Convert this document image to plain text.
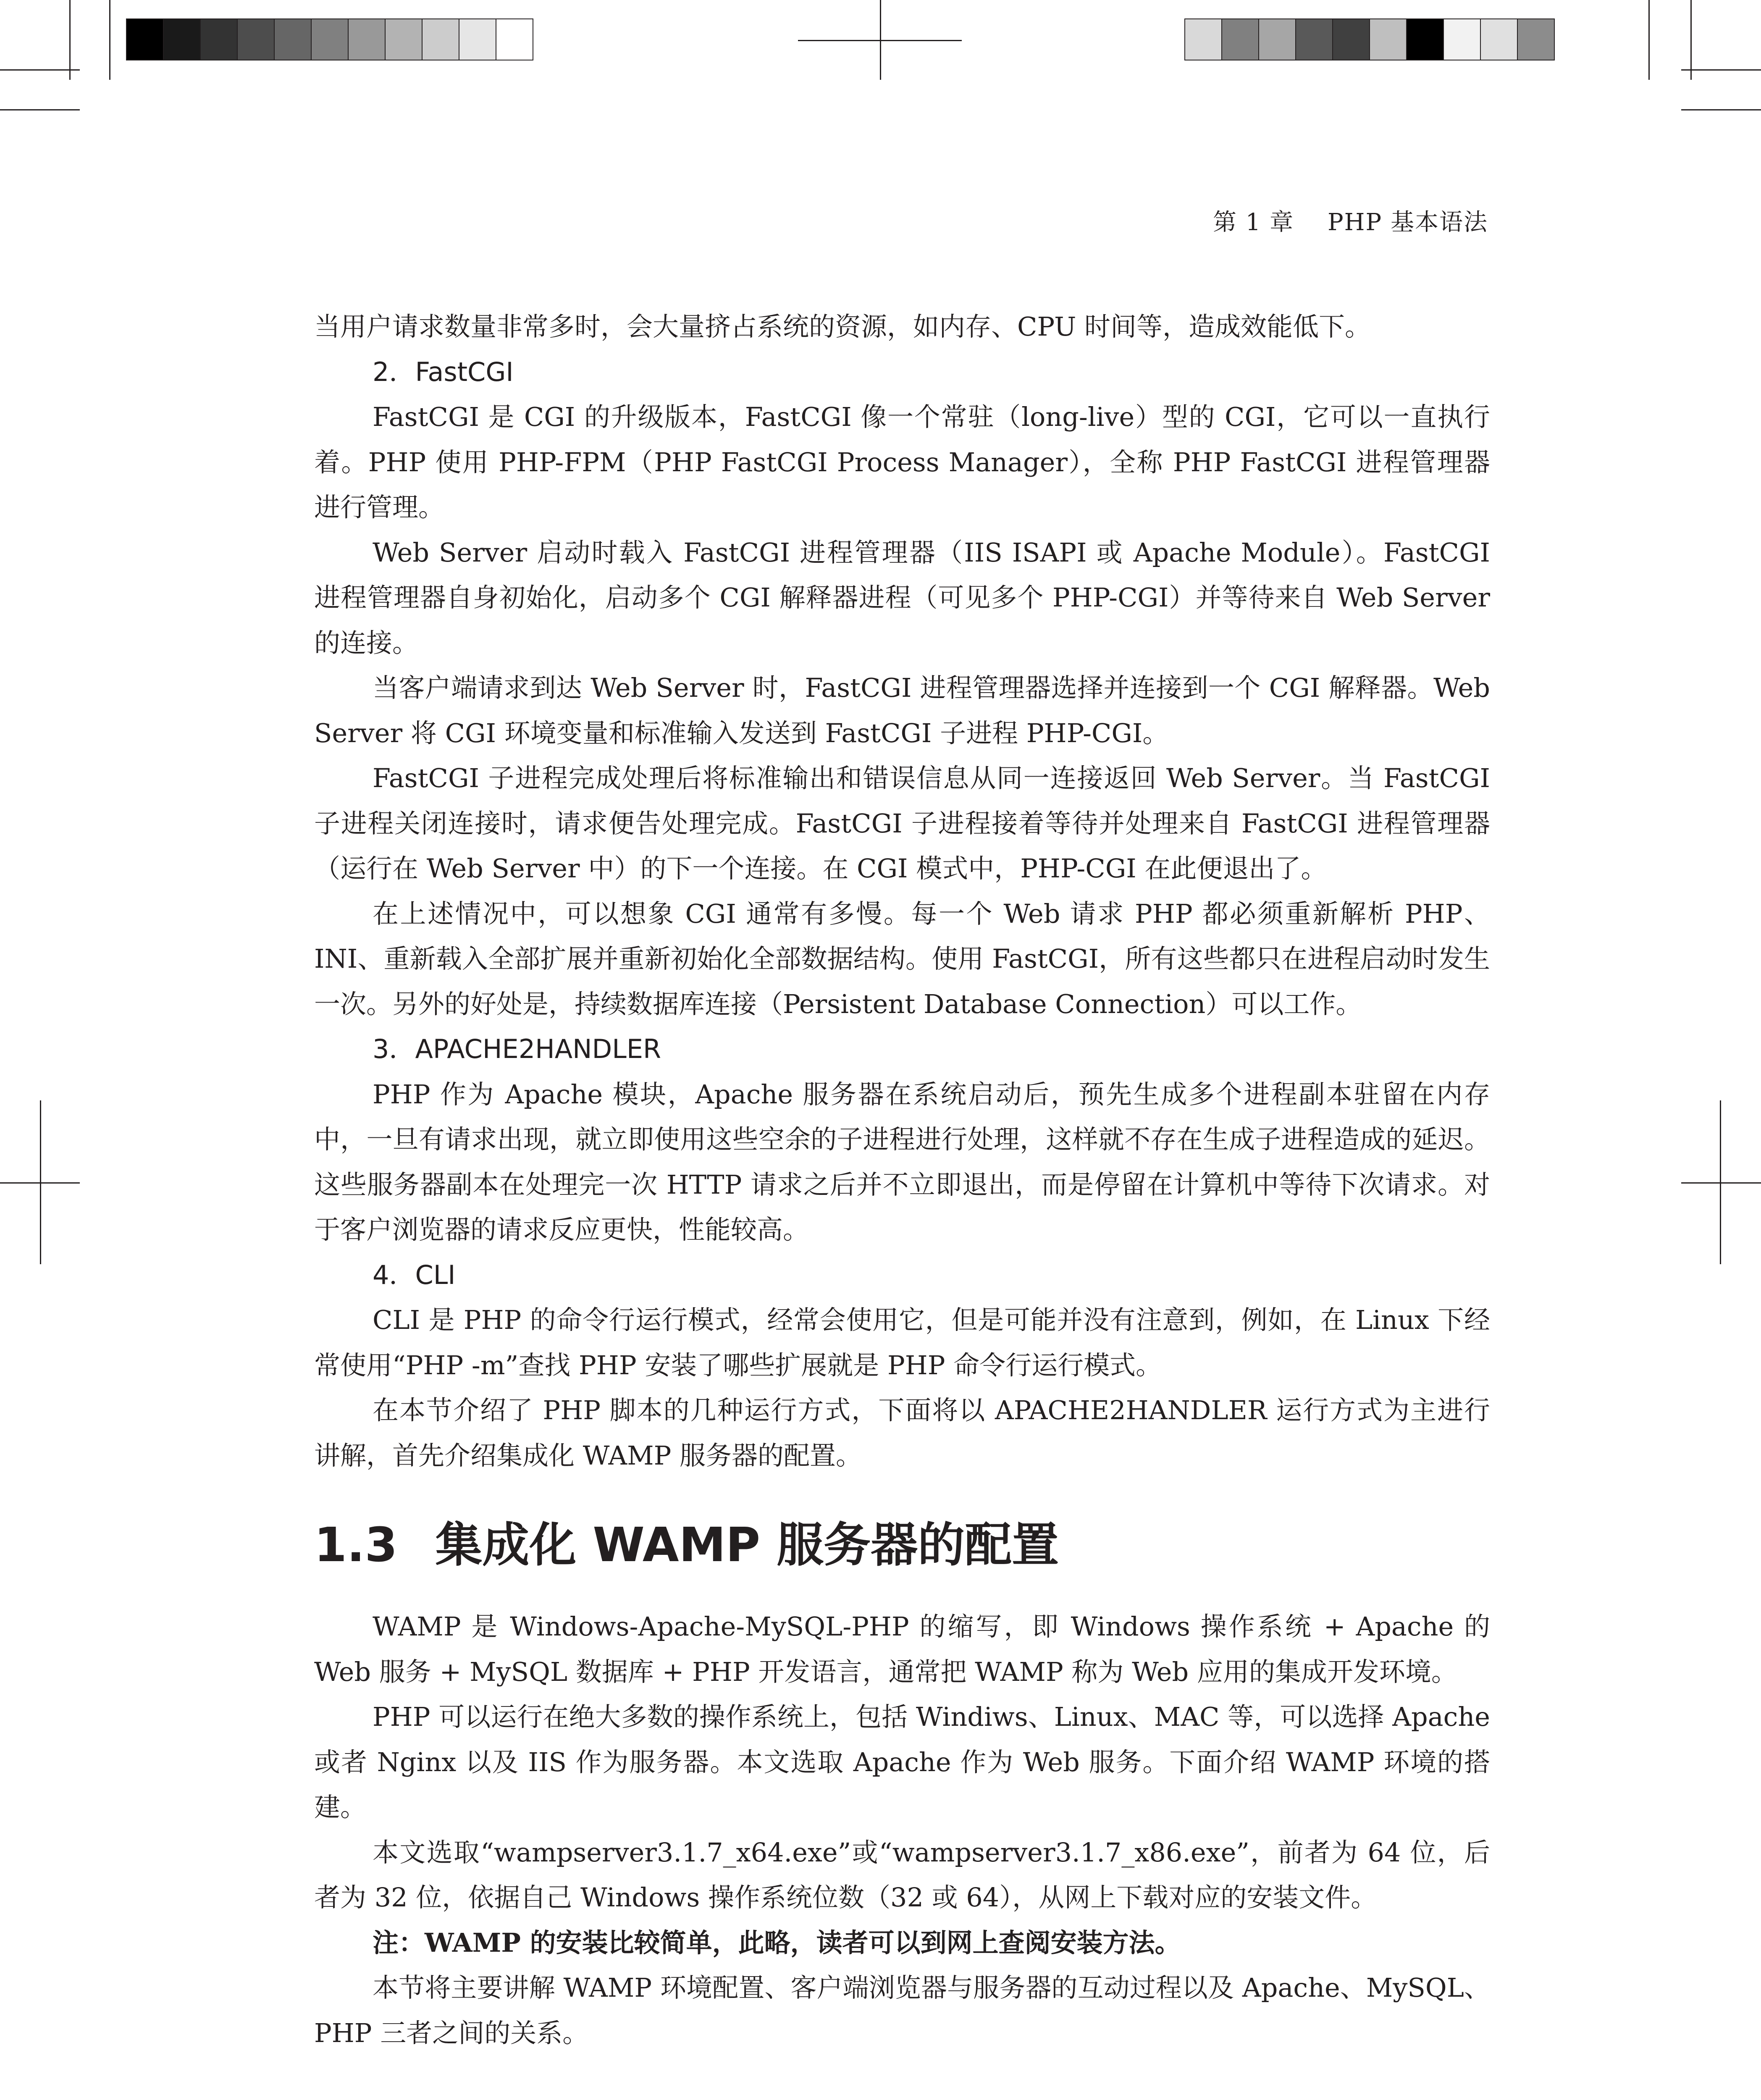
第 1 章 PHP 基本语法

当用户请求数量非常多时，会大量挤占系统的资源，如内存、CPU 时间等，造成效能低下。

2．FastCGI

FastCGI 是 CGI 的升级版本，FastCGI 像一个常驻（long-live）型的 CGI，它可以一直执行着。PHP 使用 PHP-FPM（PHP FastCGI Process Manager），全称 PHP FastCGI 进程管理器进行管理。

Web Server 启动时载入 FastCGI 进程管理器（IIS ISAPI 或 Apache Module）。FastCGI 进程管理器自身初始化，启动多个 CGI 解释器进程（可见多个 PHP-CGI）并等待来自 Web Server 的连接。

当客户端请求到达 Web Server 时，FastCGI 进程管理器选择并连接到一个 CGI 解释器。Web Server 将 CGI 环境变量和标准输入发送到 FastCGI 子进程 PHP-CGI。

FastCGI 子进程完成处理后将标准输出和错误信息从同一连接返回 Web Server。当 FastCGI 子进程关闭连接时，请求便告处理完成。FastCGI 子进程接着等待并处理来自 FastCGI 进程管理器（运行在 Web Server 中）的下一个连接。在 CGI 模式中，PHP-CGI 在此便退出了。

在上述情况中，可以想象 CGI 通常有多慢。每一个 Web 请求 PHP 都必须重新解析 PHP、INI、重新载入全部扩展并重新初始化全部数据结构。使用 FastCGI，所有这些都只在进程启动时发生一次。另外的好处是，持续数据库连接（Persistent Database Connection）可以工作。

3．APACHE2HANDLER

PHP 作为 Apache 模块，Apache 服务器在系统启动后，预先生成多个进程副本驻留在内存中，一旦有请求出现，就立即使用这些空余的子进程进行处理，这样就不存在生成子进程造成的延迟。这些服务器副本在处理完一次 HTTP 请求之后并不立即退出，而是停留在计算机中等待下次请求。对于客户浏览器的请求反应更快，性能较高。

4．CLI

CLI 是 PHP 的命令行运行模式，经常会使用它，但是可能并没有注意到，例如，在 Linux 下经常使用“PHP -m”查找 PHP 安装了哪些扩展就是 PHP 命令行运行模式。

在本节介绍了 PHP 脚本的几种运行方式，下面将以 APACHE2HANDLER 运行方式为主进行讲解，首先介绍集成化 WAMP 服务器的配置。

1.3 集成化 WAMP 服务器的配置

WAMP 是 Windows-Apache-MySQL-PHP 的缩写，即 Windows 操作系统 + Apache 的 Web 服务 + MySQL 数据库 + PHP 开发语言，通常把 WAMP 称为 Web 应用的集成开发环境。

PHP 可以运行在绝大多数的操作系统上，包括 Windiws、Linux、MAC 等，可以选择 Apache 或者 Nginx 以及 IIS 作为服务器。本文选取 Apache 作为 Web 服务。下面介绍 WAMP 环境的搭建。

本文选取“wampserver3.1.7_x64.exe”或“wampserver3.1.7_x86.exe”，前者为 64 位，后者为 32 位，依据自己 Windows 操作系统位数（32 或 64），从网上下载对应的安装文件。

注：WAMP 的安装比较简单，此略，读者可以到网上查阅安装方法。

本节将主要讲解 WAMP 环境配置、客户端浏览器与服务器的互动过程以及 Apache、MySQL、PHP 三者之间的关系。
